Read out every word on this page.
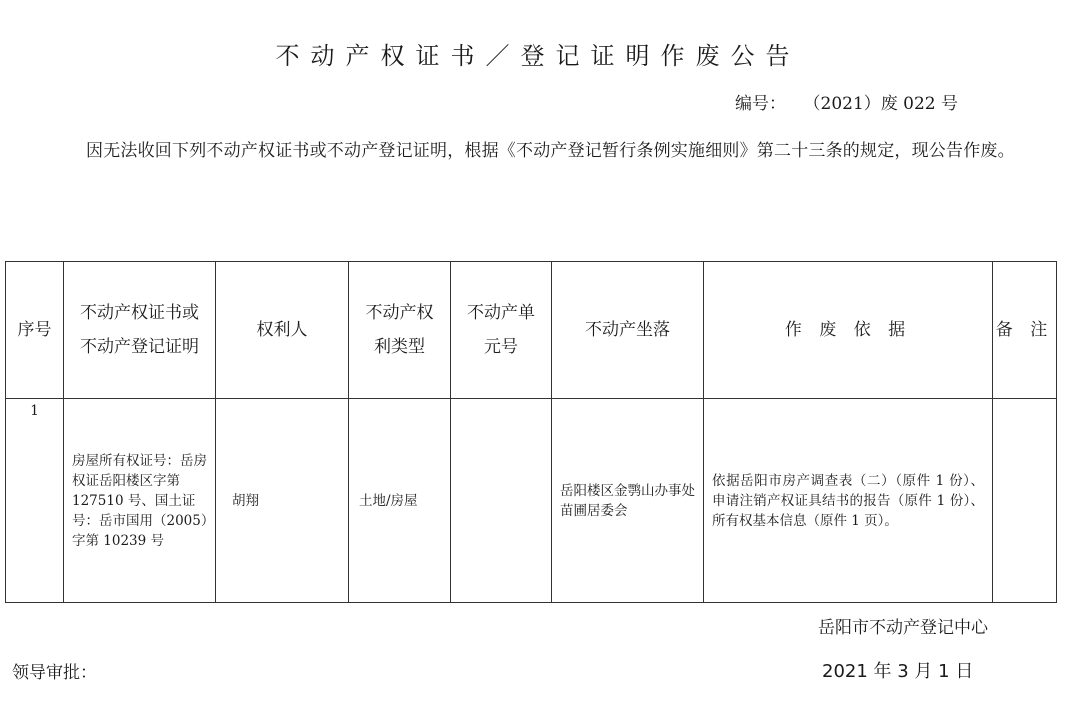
不动产权证书／登记证明作废公告
编号： （2021）废 022 号
因无法收回下列不动产权证书或不动产登记证明，根据《不动产登记暂行条例实施细则》第二十三条的规定，现公告作废。
序号	不动产权证书或不动产登记证明	权利人	不动产权利类型	不动产单元号	不动产坐落	作 废 依 据	备 注
1	房屋所有权证号：岳房权证岳阳楼区字第 127510 号、国土证号：岳市国用（2005）字第 10239 号	胡翔	土地/房屋		岳阳楼区金鹗山办事处苗圃居委会	依据岳阳市房产调查表（二）（原件 1 份）、申请注销产权证具结书的报告（原件 1 份）、所有权基本信息（原件 1 页）。	
岳阳市不动产登记中心
领导审批：	2021 年 3 月 1 日
